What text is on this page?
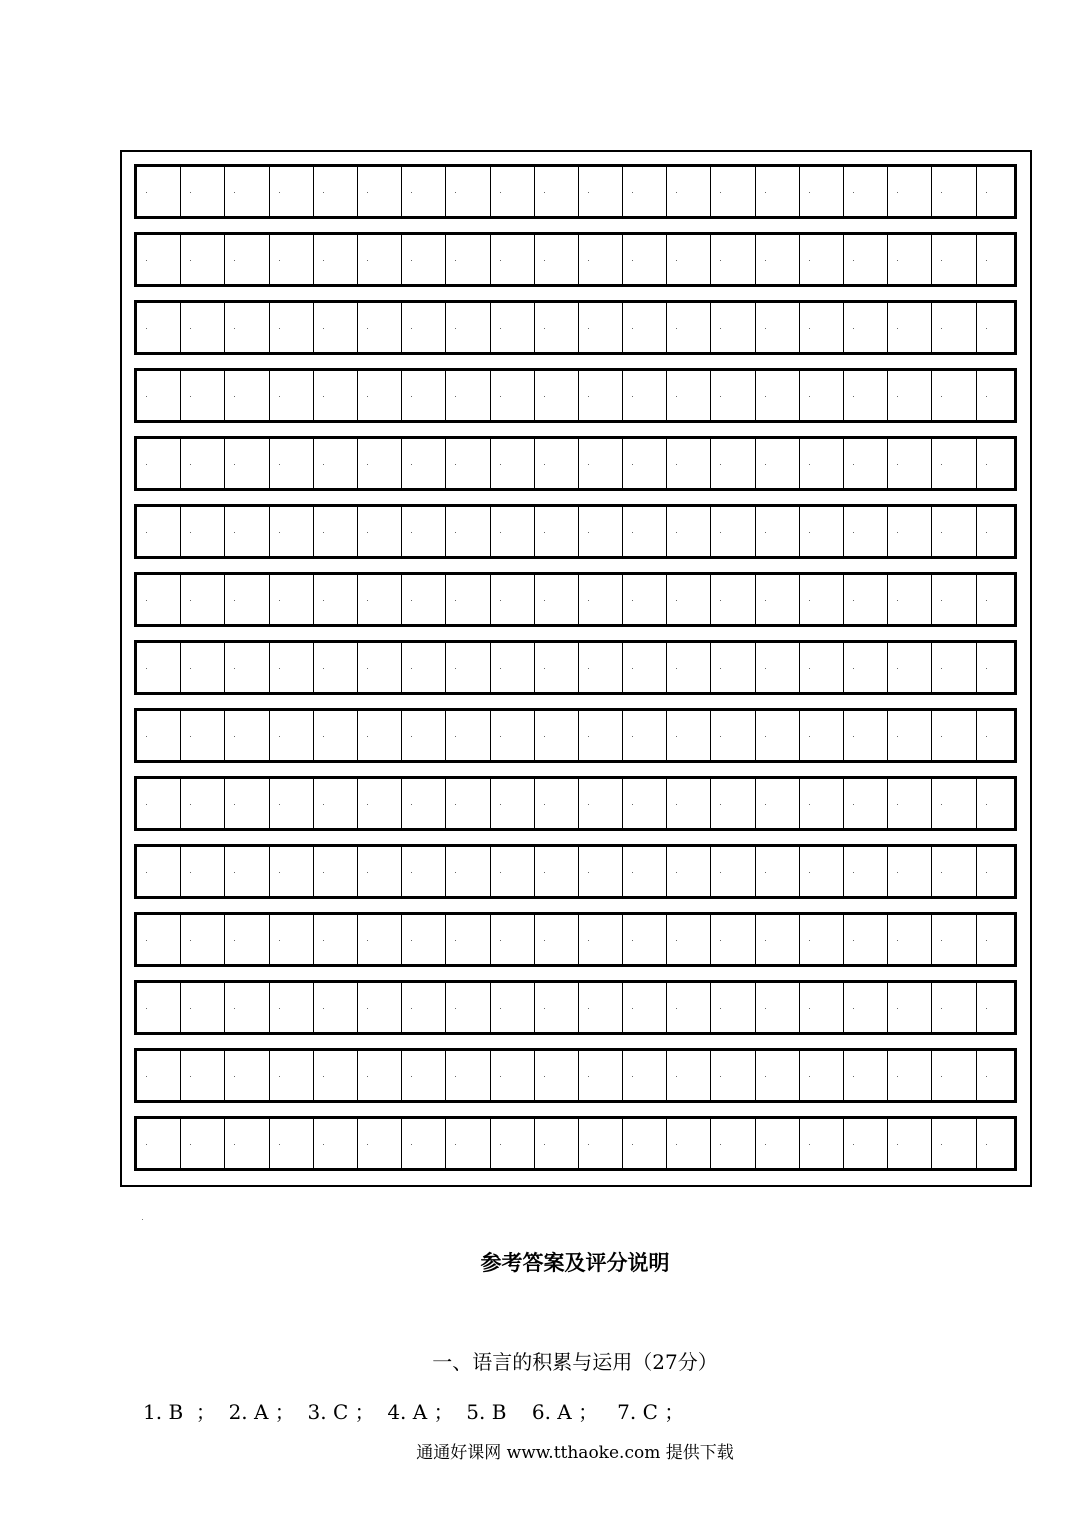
参考答案及评分说明
一、语言的积累与运用（27分）
1. B  ；  2. A ；  3. C ；  4. A ；  5. B    6. A ；   7. C ；
通通好课网 www.tthaoke.com 提供下载
